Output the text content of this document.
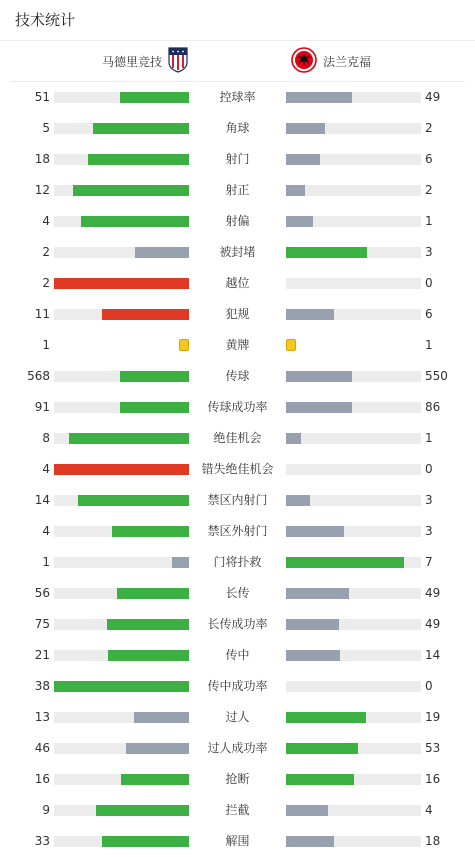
技术统计
马德里竞技	法兰克福
51	控球率	49
5	角球	2
18	射门	6
12	射正	2
4	射偏	1
2	被封堵	3
2	越位	0
11	犯规	6
1	黄牌	1
568	传球	550
91	传球成功率	86
8	绝佳机会	1
4	错失绝佳机会	0
14	禁区内射门	3
4	禁区外射门	3
1	门将扑救	7
56	长传	49
75	长传成功率	49
21	传中	14
38	传中成功率	0
13	过人	19
46	过人成功率	53
16	抢断	16
9	拦截	4
33	解围	18
